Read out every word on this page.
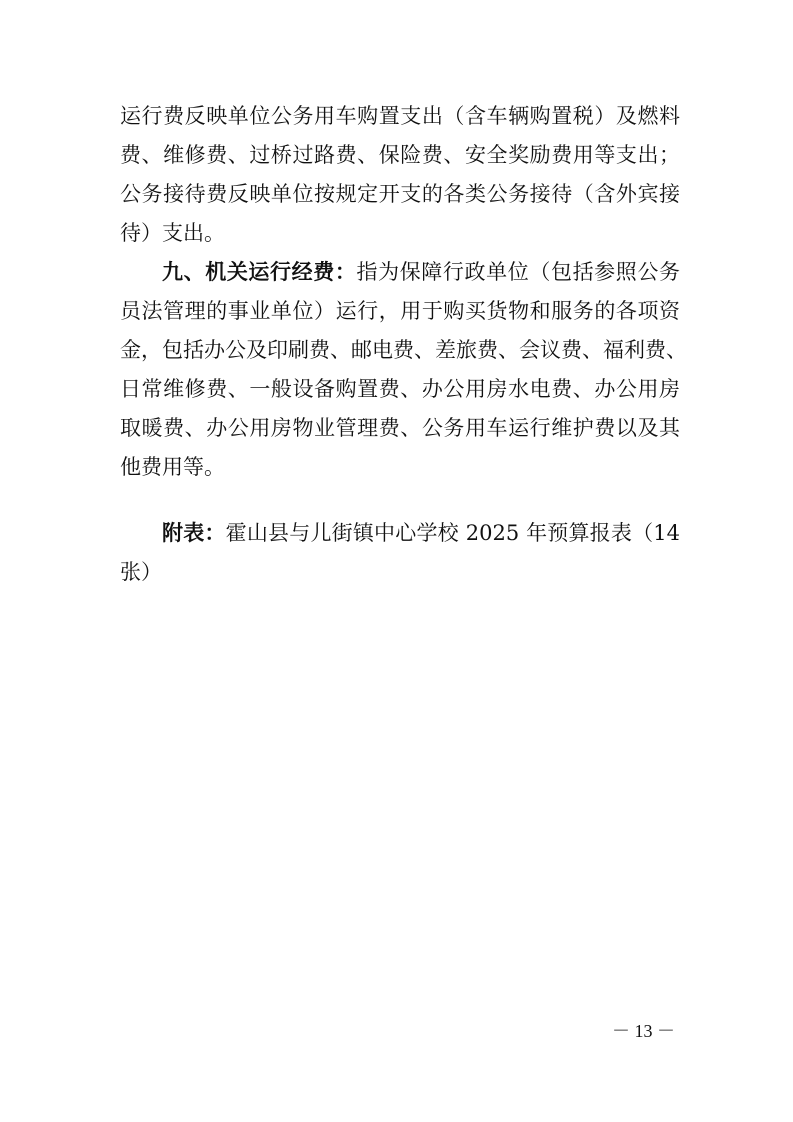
运行费反映单位公务用车购置支出（含车辆购置税）及燃料
费、维修费、过桥过路费、保险费、安全奖励费用等支出；
公务接待费反映单位按规定开支的各类公务接待（含外宾接
待）支出。
九、机关运行经费：指为保障行政单位（包括参照公务
员法管理的事业单位）运行，用于购买货物和服务的各项资
金，包括办公及印刷费、邮电费、差旅费、会议费、福利费、
日常维修费、一般设备购置费、办公用房水电费、办公用房
取暖费、办公用房物业管理费、公务用车运行维护费以及其
他费用等。
附表：霍山县与儿街镇中心学校 2025 年预算报表（14
张）
－ 13 －
